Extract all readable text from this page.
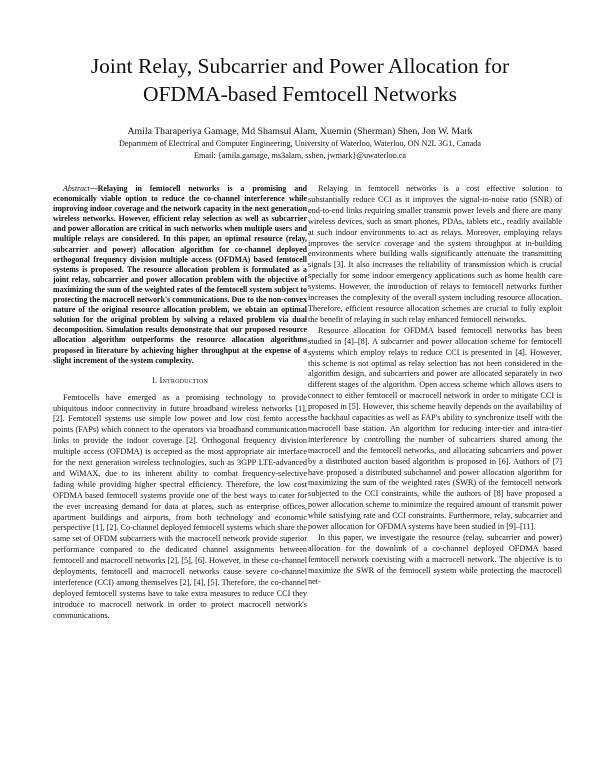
Joint Relay, Subcarrier and Power Allocation for
OFDMA-based Femtocell Networks
Amila Tharaperiya Gamage, Md Shamsul Alam, Xuemin (Sherman) Shen, Jon W. Mark
Department of Electrical and Computer Engineering, University of Waterloo, Waterloo, ON N2L 3G1, Canada
Email: {amila.gamage, ms3alam, sshen, jwmark}@uwaterloo.ca

Abstract—Relaying in femtocell networks is a promising and economically viable option to reduce the co-channel interference while improving indoor coverage and the network capacity in the next generation wireless networks. However, efficient relay selection as well as subcarrier and power allocation are critical in such networks when multiple users and multiple relays are considered. In this paper, an optimal resource (relay, subcarrier and power) allocation algorithm for co-channel deployed orthogonal frequency division multiple access (OFDMA) based femtocell systems is proposed. The resource allocation problem is formulated as a joint relay, subcarrier and power allocation problem with the objective of maximizing the sum of the weighted rates of the femtocell system subject to protecting the macrocell network's communications. Due to the non-convex nature of the original resource allocation problem, we obtain an optimal solution for the original problem by solving a relaxed problem via dual decomposition. Simulation results demonstrate that our proposed resource allocation algorithm outperforms the resource allocation algorithms proposed in literature by achieving higher throughput at the expense of a slight increment of the system complexity.

I. Introduction

Femtocells have emerged as a promising technology to provide ubiquitous indoor connectivity in future broadband wireless networks [1], [2]. Femtocell systems use simple low power and low cost femto access points (FAPs) which connect to the operators via broadband communication links to provide the indoor coverage [2]. Orthogonal frequency division multiple access (OFDMA) is accepted as the most appropriate air interface for the next generation wireless technologies, such as 3GPP LTE-advanced and WiMAX, due to its inherent ability to combat frequency-selective fading while providing higher spectral efficiency. Therefore, the low cost OFDMA based femtocell systems provide one of the best ways to cater for the ever increasing demand for data at places, such as enterprise offices, apartment buildings and airports, from both technology and economic perspective [1], [2]. Co-channel deployed femtocell systems which share the same set of OFDM subcarriers with the macrocell network provide superior performance compared to the dedicated channel assignments between femtocell and macrocell networks [2], [5], [6]. However, in these co-channel deployments, femtocell and macrocell networks cause severe co-channel interference (CCI) among themselves [2], [4], [5]. Therefore, the co-channel deployed femtocell systems have to take extra measures to reduce CCI they introduce to macrocell network in order to protect macrocell network's communications.

Relaying in femtocell networks is a cost effective solution to substantially reduce CCI as it improves the signal-to-noise ratio (SNR) of end-to-end links requiring smaller transmit power levels and there are many wireless devices, such as smart phones, PDAs, tablets etc., readily available at such indoor environments to act as relays. Moreover, employing relays improves the service coverage and the system throughput at in-building environments where building walls significantly attenuate the transmitting signals [3]. It also increases the reliability of transmission which is crucial specially for some indoor emergency applications such as home health care systems. However, the introduction of relays to femtocell networks further increases the complexity of the overall system including resource allocation. Therefore, efficient resource allocation schemes are crucial to fully exploit the benefit of relaying in such relay enhanced femtocell networks.

Resource allocation for OFDMA based femtocell networks has been studied in [4]–[8]. A subcarrier and power allocation scheme for femtocell systems which employ relays to reduce CCI is presented in [4]. However, this scheme is not optimal as relay selection has not been considered in the algorithm design, and subcarriers and power are allocated separately in two different stages of the algorithm. Open access scheme which allows users to connect to either femtocell or macrocell network in order to mitigate CCI is proposed in [5]. However, this scheme heavily depends on the availability of the backhaul capacities as well as FAP's ability to synchronize itself with the macrocell base station. An algorithm for reducing inter-tier and intra-tier interference by controlling the number of subcarriers shared among the macrocell and the femtocell networks, and allocating subcarriers and power by a distributed auction based algorithm is proposed in [6]. Authors of [7] have proposed a distributed subchannel and power allocation algorithm for maximizing the sum of the weighted rates (SWR) of the femtocell network subjected to the CCI constraints, while the authors of [8] have proposed a power allocation scheme to minimize the required amount of transmit power while satisfying rate and CCI constraints. Furthermore, relay, subcarrier and power allocation for OFDMA systems have been studied in [9]–[11].

In this paper, we investigate the resource (relay, subcarrier and power) allocation for the downlink of a co-channel deployed OFDMA based femtocell network coexisting with a macrocell network. The objective is to maximize the SWR of the femtocell system while protecting the macrocell net-
